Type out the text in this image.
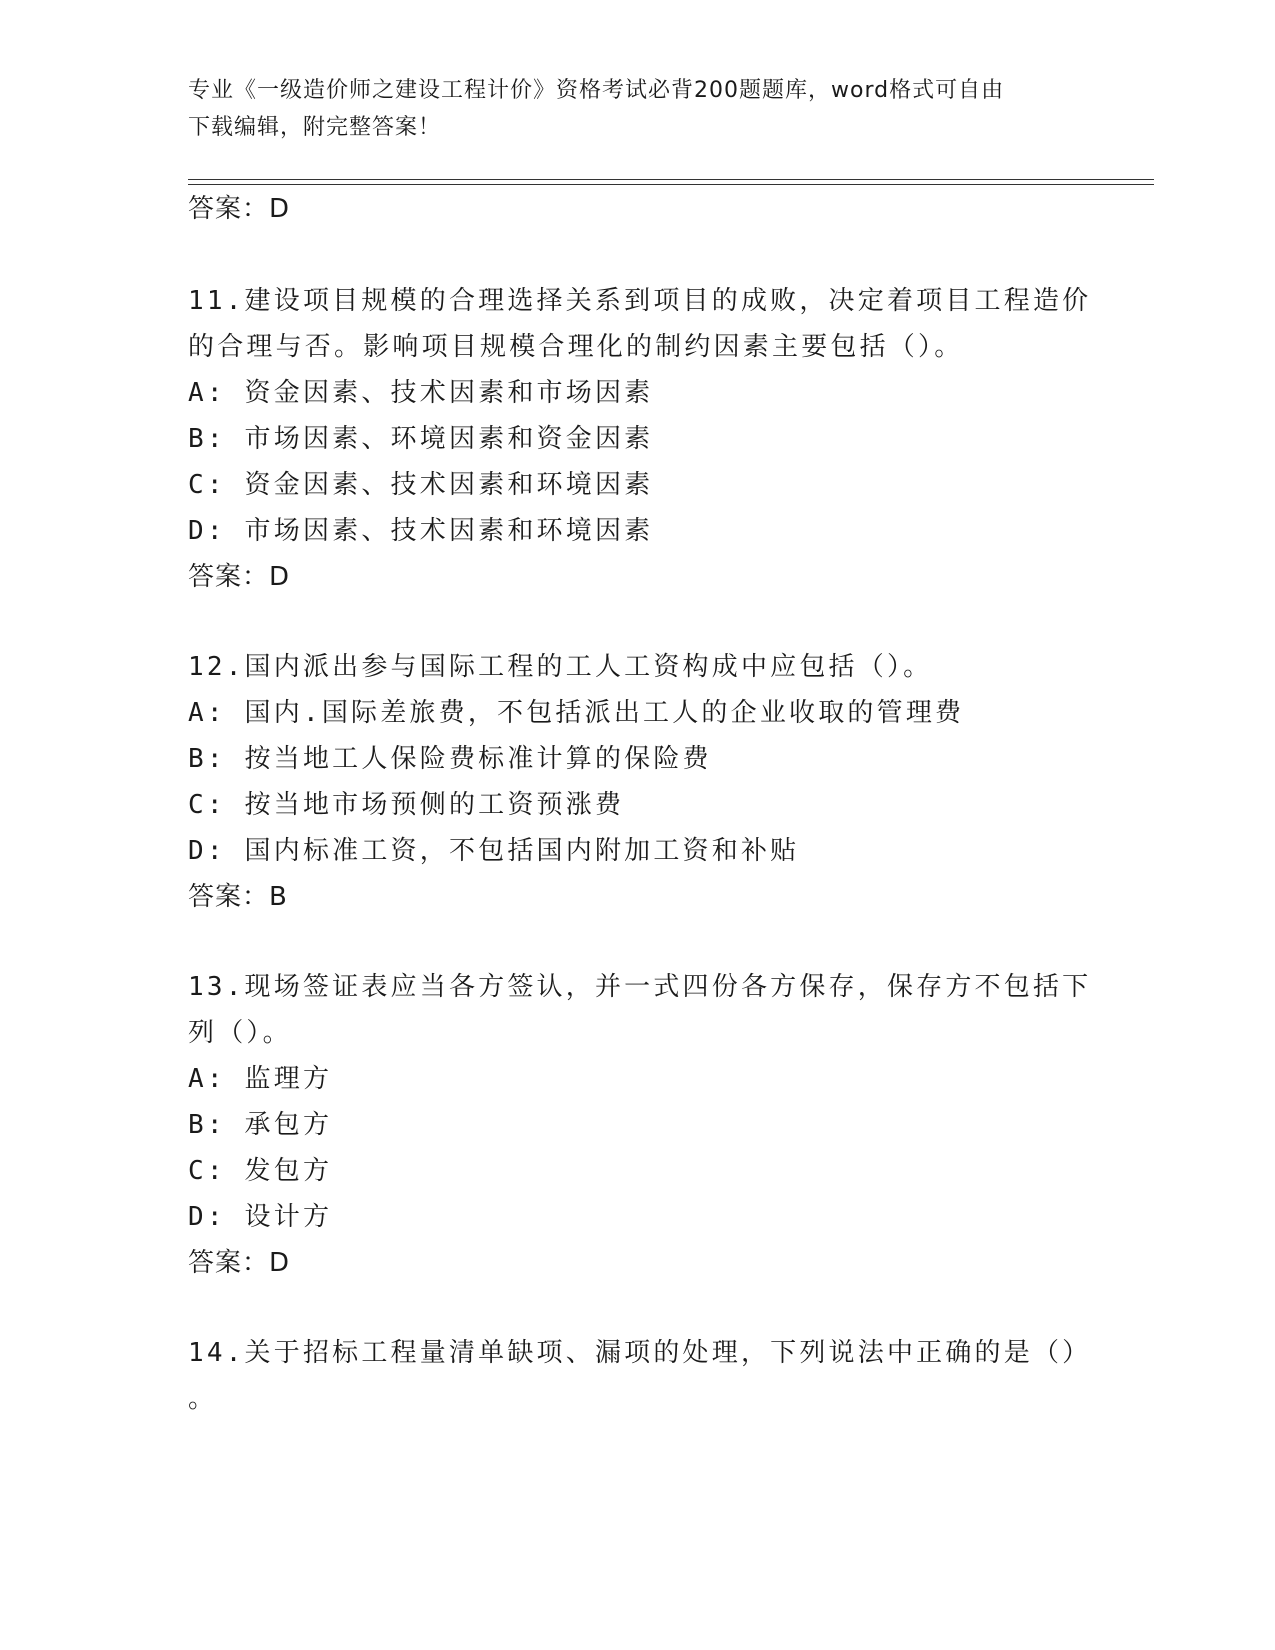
专业《一级造价师之建设工程计价》资格考试必背200题题库，word格式可自由
下载编辑，附完整答案！
答案：D
11.建设项目规模的合理选择关系到项目的成败，决定着项目工程造价
的合理与否。影响项目规模合理化的制约因素主要包括（）。
A: 资金因素、技术因素和市场因素
B: 市场因素、环境因素和资金因素
C: 资金因素、技术因素和环境因素
D: 市场因素、技术因素和环境因素
答案：D
12.国内派出参与国际工程的工人工资构成中应包括（）。
A: 国内.国际差旅费，不包括派出工人的企业收取的管理费
B: 按当地工人保险费标准计算的保险费
C: 按当地市场预侧的工资预涨费
D: 国内标准工资，不包括国内附加工资和补贴
答案：B
13.现场签证表应当各方签认，并一式四份各方保存，保存方不包括下
列（）。
A: 监理方
B: 承包方
C: 发包方
D: 设计方
答案：D
14.关于招标工程量清单缺项、漏项的处理，下列说法中正确的是（）
。
